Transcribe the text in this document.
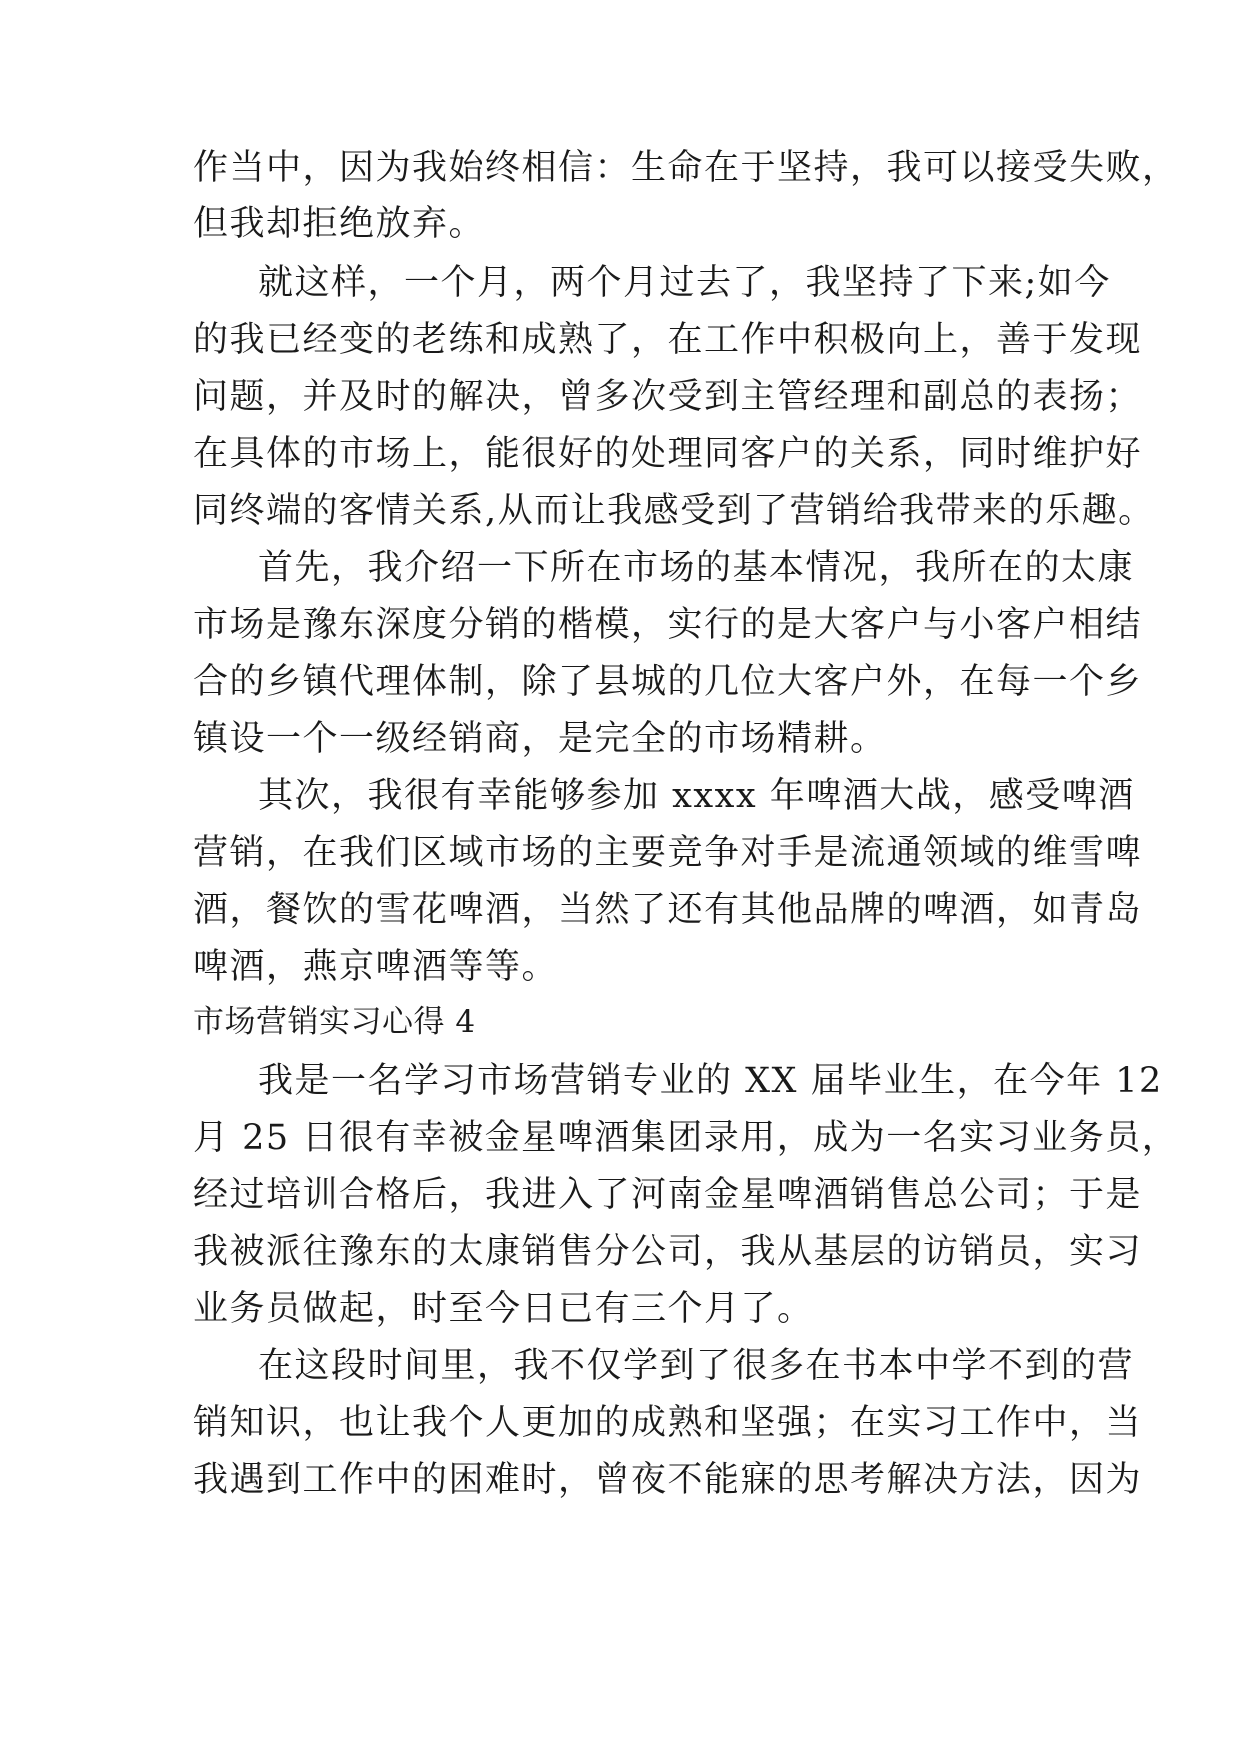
作当中，因为我始终相信：生命在于坚持，我可以接受失败，
但我却拒绝放弃。
就这样，一个月，两个月过去了，我坚持了下来;如今
的我已经变的老练和成熟了，在工作中积极向上，善于发现
问题，并及时的解决，曾多次受到主管经理和副总的表扬；
在具体的市场上，能很好的处理同客户的关系，同时维护好
同终端的客情关系,从而让我感受到了营销给我带来的乐趣。
首先，我介绍一下所在市场的基本情况，我所在的太康
市场是豫东深度分销的楷模，实行的是大客户与小客户相结
合的乡镇代理体制，除了县城的几位大客户外，在每一个乡
镇设一个一级经销商，是完全的市场精耕。
其次，我很有幸能够参加 xxxx 年啤酒大战，感受啤酒
营销，在我们区域市场的主要竞争对手是流通领域的维雪啤
酒，餐饮的雪花啤酒，当然了还有其他品牌的啤酒，如青岛
啤酒，燕京啤酒等等。
市场营销实习心得 4
我是一名学习市场营销专业的 XX 届毕业生，在今年 12
月 25 日很有幸被金星啤酒集团录用，成为一名实习业务员，
经过培训合格后，我进入了河南金星啤酒销售总公司；于是
我被派往豫东的太康销售分公司，我从基层的访销员，实习
业务员做起，时至今日已有三个月了。
在这段时间里，我不仅学到了很多在书本中学不到的营
销知识，也让我个人更加的成熟和坚强；在实习工作中，当
我遇到工作中的困难时，曾夜不能寐的思考解决方法，因为
